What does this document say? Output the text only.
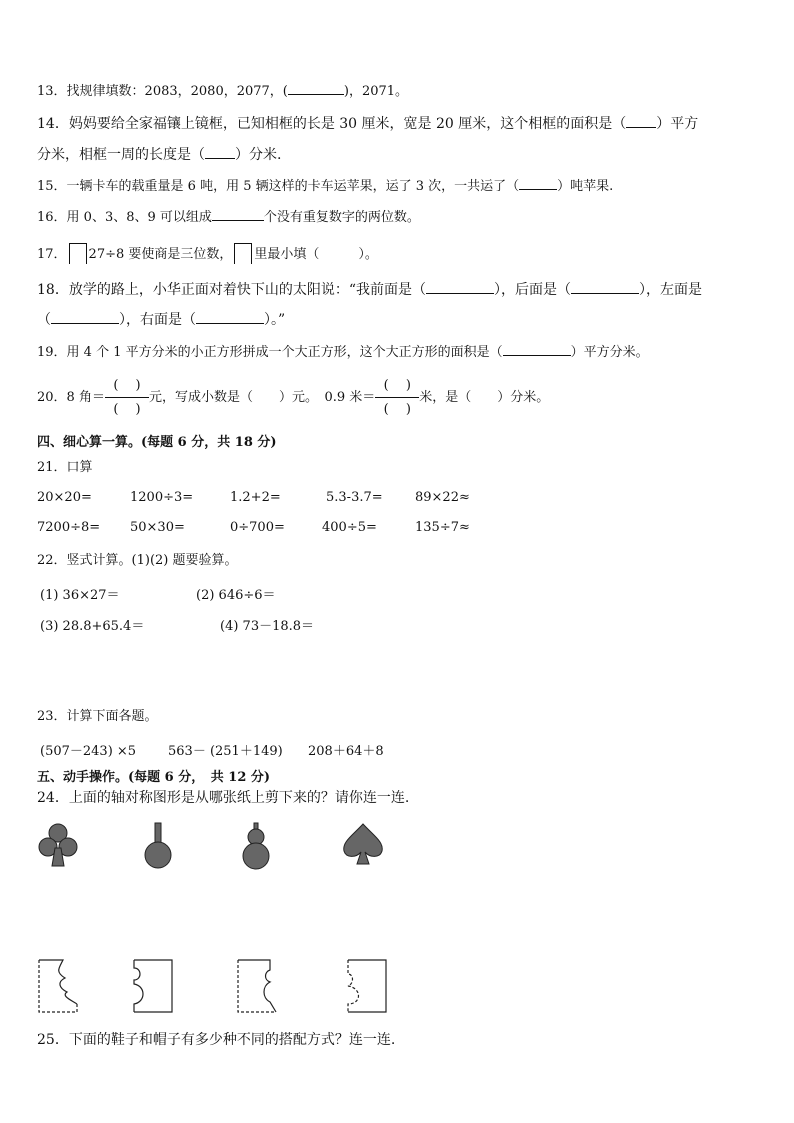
13．找规律填数：2083，2080，2077，(	)，2071。
14．妈妈要给全家福镶上镜框，已知相框的长是 30 厘米，宽是 20 厘米，这个相框的面积是（ ）平方
分米，相框一周的长度是（ ）分米.
15．一辆卡车的载重量是 6 吨，用 5 辆这样的卡车运苹果，运了 3 次，一共运了（	）吨苹果.
16．用 0、3、8、9 可以组成	个没有重复数字的两位数。
17． 27÷8 要使商是三位数， 里最小填（　　　）。
18．放学的路上，小华正面对着快下山的太阳说：“我前面是（	），后面是（	），左面是
（	），右面是（	）。”
19．用 4 个 1 平方分米的小正方形拼成一个大正方形，这个大正方形的面积是（	）平方分米。
20．8 角$=\frac{( )}{( )}$元，写成小数是（　　）元。　0.9 米$=\frac{( )}{( )}$米，是（　　）分米。
四、细心算一算。(每题 6 分，共 18 分)
21．口算
20×20=	1200÷3=	1.2+2=	5.3-3.7= 89×22≈
7200÷8= 50×30=	0÷700=	400÷5=	135÷7≈
22．竖式计算。(1)(2) 题要验算。
(1) 36×27＝	(2) 646÷6＝
(3) 28.8+65.4＝	(4) 73－18.8＝
23．计算下面各题。
(507－243) ×5 563－ (251＋149) 208＋64＋8
五、动手操作。(每题 6 分，　共 12 分)
24．上面的轴对称图形是从哪张纸上剪下来的？请你连一连.
25．下面的鞋子和帽子有多少种不同的搭配方式？连一连.
